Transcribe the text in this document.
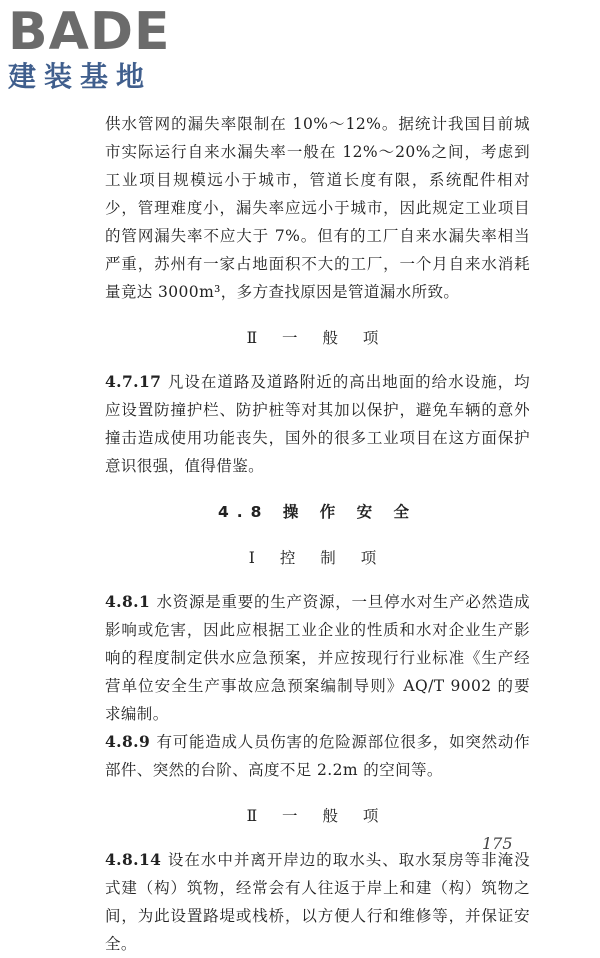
BADE
建装基地

供水管网的漏失率限制在 10%～12%。据统计我国目前城市实际运行自来水漏失率一般在 12%～20%之间，考虑到工业项目规模远小于城市，管道长度有限，系统配件相对少，管理难度小，漏失率应远小于城市，因此规定工业项目的管网漏失率不应大于 7%。但有的工厂自来水漏失率相当严重，苏州有一家占地面积不大的工厂，一个月自来水消耗量竟达 3000m³，多方查找原因是管道漏水所致。

Ⅱ 一 般 项

4.7.17 凡设在道路及道路附近的高出地面的给水设施，均应设置防撞护栏、防护桩等对其加以保护，避免车辆的意外撞击造成使用功能丧失，国外的很多工业项目在这方面保护意识很强，值得借鉴。

4.8 操 作 安 全
Ⅰ 控 制 项

4.8.1 水资源是重要的生产资源，一旦停水对生产必然造成影响或危害，因此应根据工业企业的性质和水对企业生产影响的程度制定供水应急预案，并应按现行行业标准《生产经营单位安全生产事故应急预案编制导则》AQ/T 9002 的要求编制。

4.8.9 有可能造成人员伤害的危险源部位很多，如突然动作部件、突然的台阶、高度不足 2.2m 的空间等。

Ⅱ 一 般 项

4.8.14 设在水中并离开岸边的取水头、取水泵房等非淹没式建（构）筑物，经常会有人往返于岸上和建（构）筑物之间，为此设置路堤或栈桥，以方便人行和维修等，并保证安全。

175
